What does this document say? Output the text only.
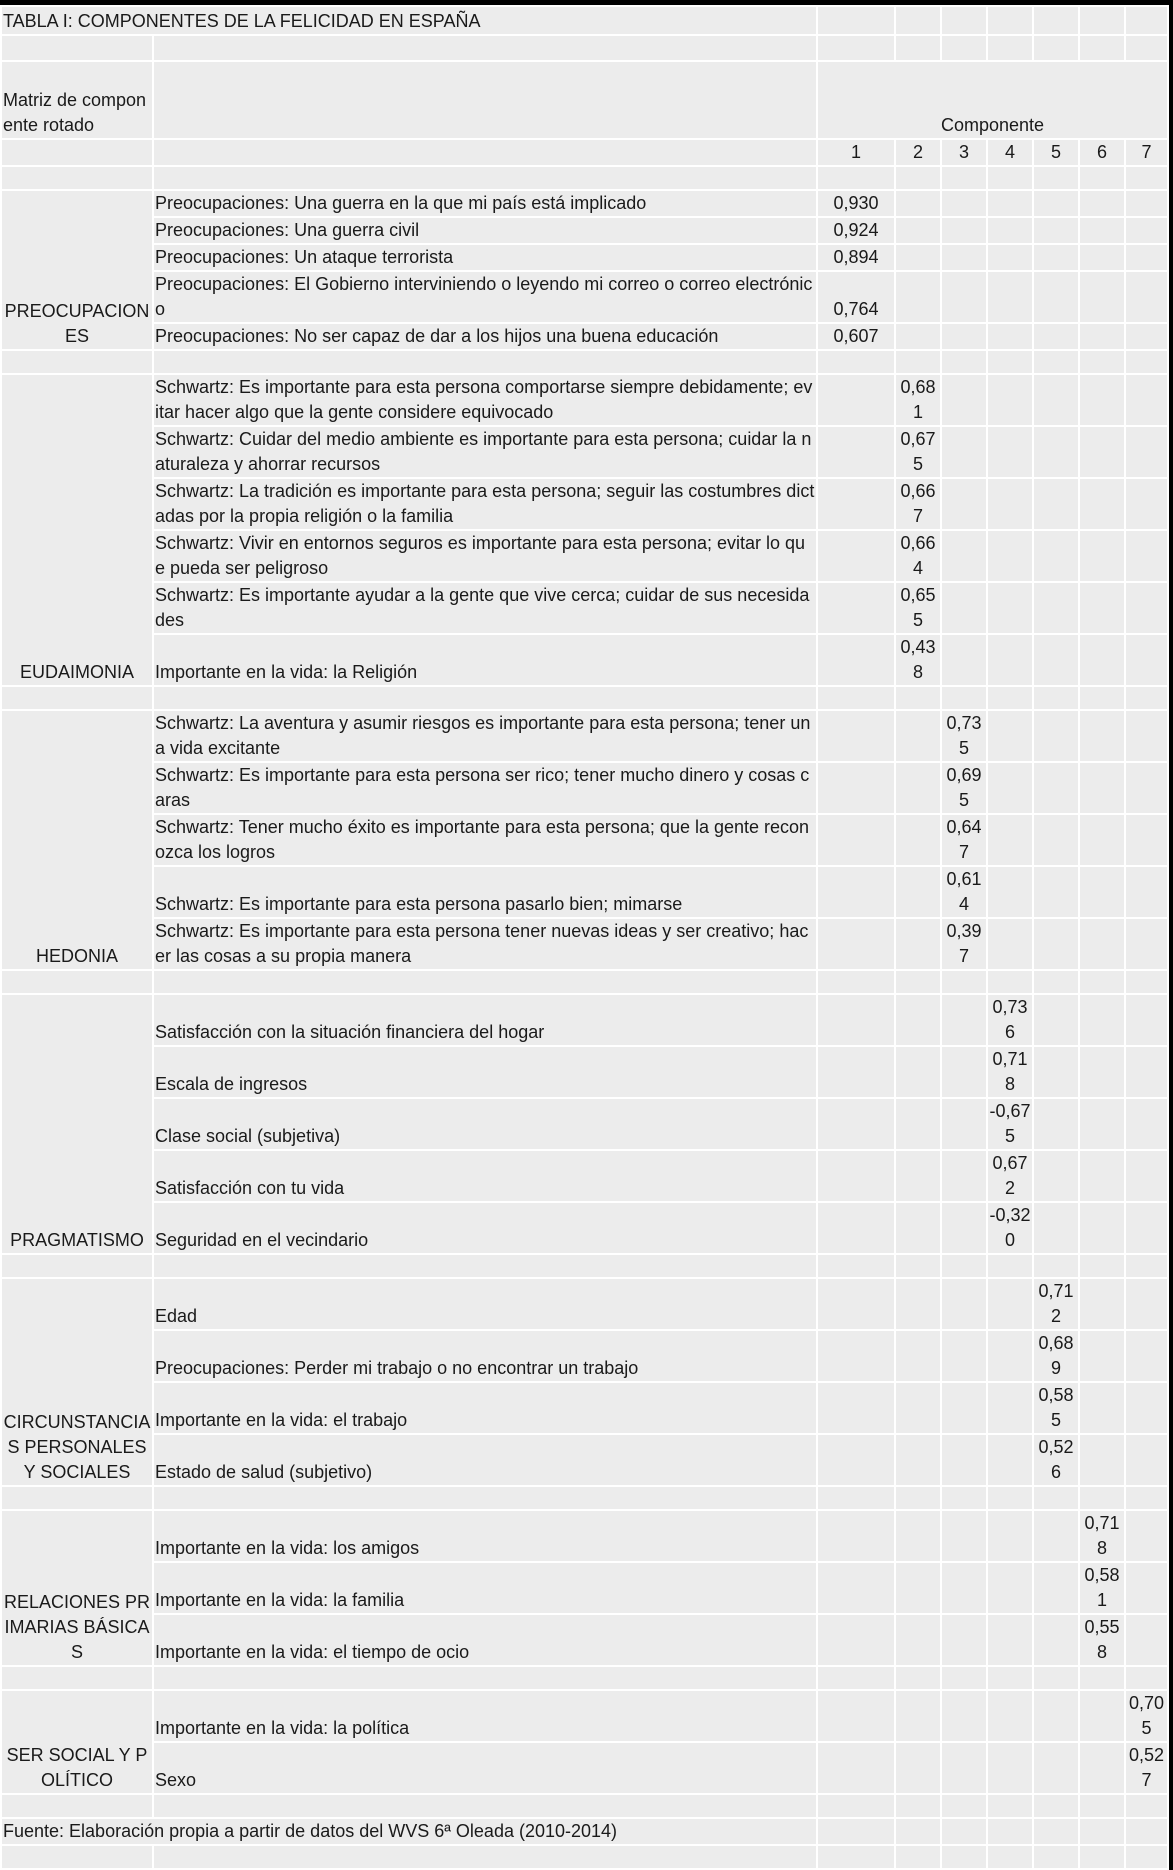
TABLA I: COMPONENTES DE LA FELICIDAD EN ESPAÑA								

Matriz de componente rotado		Componente						
		1	2	3	4	5	6	7

PREOCUPACIONES	Preocupaciones: Una guerra en la que mi país está implicado	0,930						
	Preocupaciones: Una guerra civil	0,924						
	Preocupaciones: Un ataque terrorista	0,894						
	Preocupaciones: El Gobierno interviniendo o leyendo mi correo o correo electrónico	0,764						
	Preocupaciones: No ser capaz de dar a los hijos una buena educación	0,607						

EUDAIMONIA	Schwartz: Es importante para esta persona comportarse siempre debidamente; evitar hacer algo que la gente considere equivocado		0,681					
	Schwartz: Cuidar del medio ambiente es importante para esta persona; cuidar la naturaleza y ahorrar recursos		0,675					
	Schwartz: La tradición es importante para esta persona; seguir las costumbres dictadas por la propia religión o la familia		0,667					
	Schwartz: Vivir en entornos seguros es importante para esta persona; evitar lo que pueda ser peligroso		0,664					
	Schwartz: Es importante ayudar a la gente que vive cerca; cuidar de sus necesidades		0,655					
	Importante en la vida: la Religión		0,438					

HEDONIA	Schwartz: La aventura y asumir riesgos es importante para esta persona; tener una vida excitante			0,735				
	Schwartz: Es importante para esta persona ser rico; tener mucho dinero y cosas caras			0,695				
	Schwartz: Tener mucho éxito es importante para esta persona; que la gente reconozca los logros			0,647				
	Schwartz: Es importante para esta persona pasarlo bien; mimarse			0,614				
	Schwartz: Es importante para esta persona tener nuevas ideas y ser creativo; hacer las cosas a su propia manera			0,397				

PRAGMATISMO	Satisfacción con la situación financiera del hogar				0,736			
	Escala de ingresos				0,718			
	Clase social (subjetiva)				-0,675			
	Satisfacción con tu vida				0,672			
	Seguridad en el vecindario				-0,320			

CIRCUNSTANCIAS PERSONALES Y SOCIALES	Edad					0,712		
	Preocupaciones: Perder mi trabajo o no encontrar un trabajo					0,689		
	Importante en la vida: el trabajo					0,585		
	Estado de salud (subjetivo)					0,526		

RELACIONES PRIMARIAS BÁSICAS	Importante en la vida: los amigos						0,718	
	Importante en la vida: la familia						0,581	
	Importante en la vida: el tiempo de ocio						0,558	

SER SOCIAL Y POLÍTICO	Importante en la vida: la política							0,705
	Sexo							0,527

Fuente: Elaboración propia a partir de datos del WVS 6ª Oleada (2010-2014)								
